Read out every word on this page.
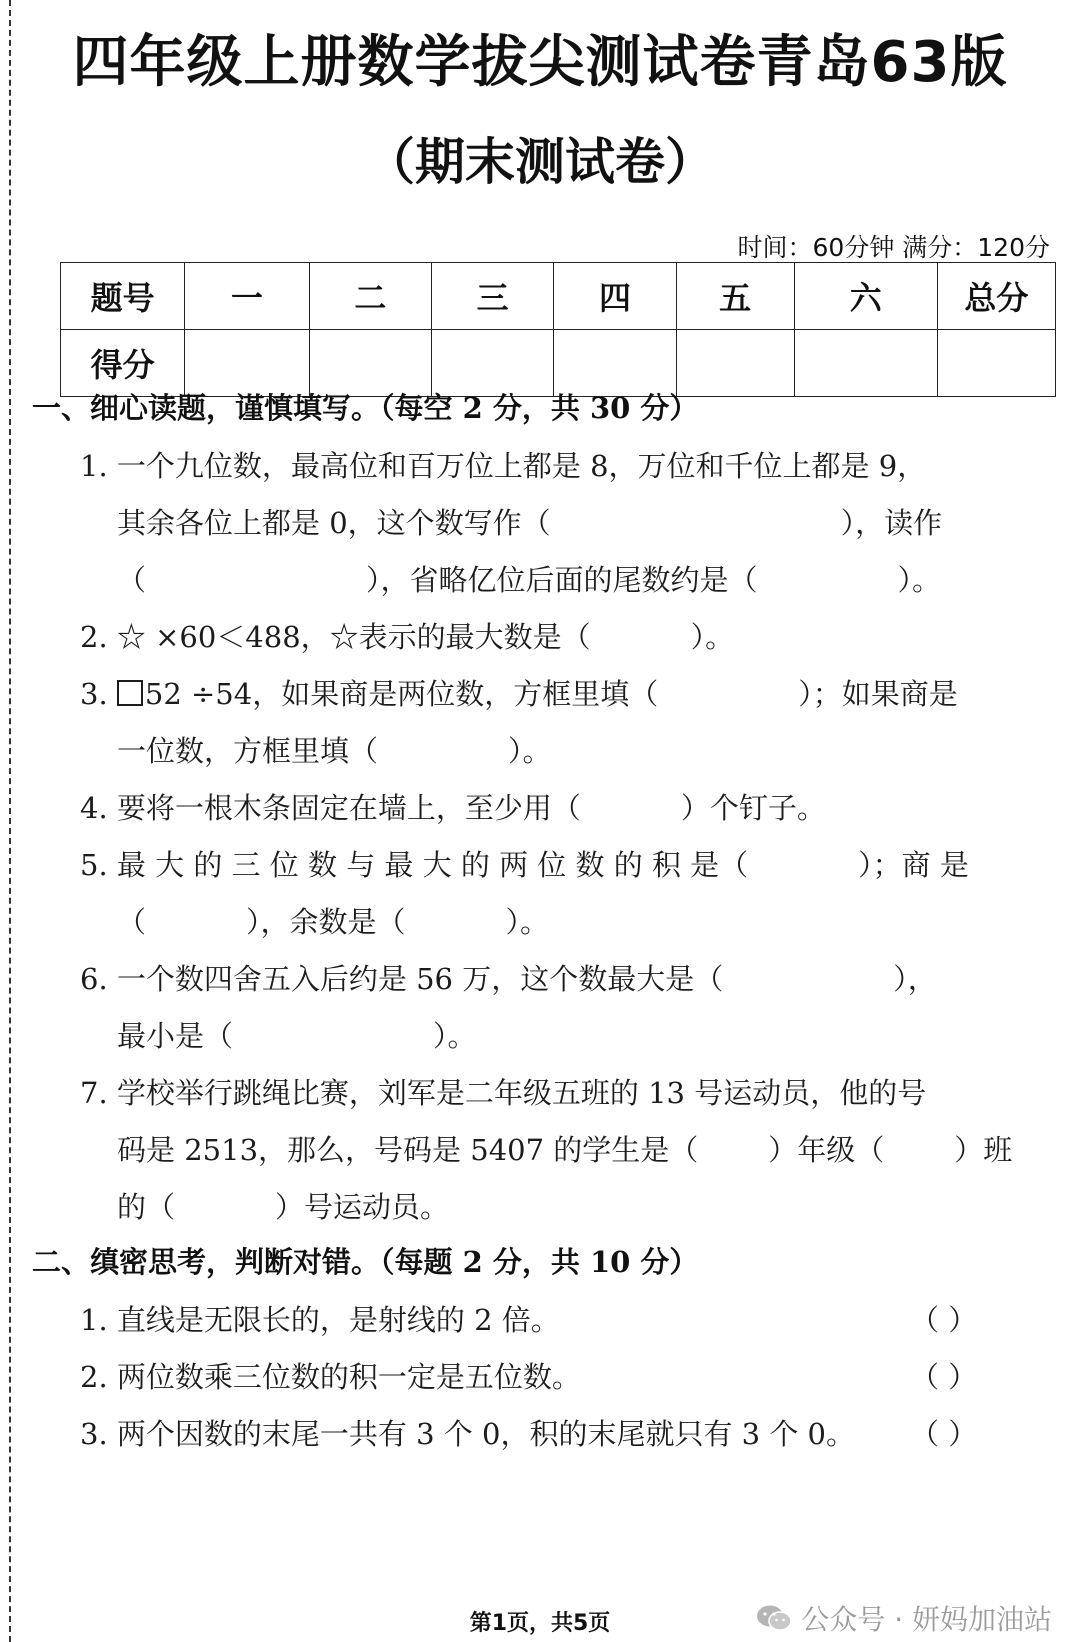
四年级上册数学拔尖测试卷青岛63版
（期末测试卷）
时间：60分钟 满分：120分
题号	一	二	三	四	五	六	总分
得分							
一、细心读题，谨慎填写。（每空 2 分，共 30 分）
1. 一个九位数，最高位和百万位上都是 8，万位和千位上都是 9，
其余各位上都是 0，这个数写作（	），读作
（	），省略亿位后面的尾数约是（	）。
2. ☆ ×60＜488，☆表示的最大数是（	）。
3. 52 ÷54，如果商是两位数，方框里填（	）；如果商是
一位数，方框里填（	）。
4. 要将一根木条固定在墙上，至少用（	）个钉子。
5. 最 大 的 三 位 数 与 最 大 的 两 位 数 的 积 是（	）；商 是
（	），余数是（	）。
6. 一个数四舍五入后约是 56 万，这个数最大是（	），
最小是（	）。
7. 学校举行跳绳比赛，刘军是二年级五班的 13 号运动员，他的号
码是 2513，那么，号码是 5407 的学生是（ ）年级（ ）班
的（	）号运动员。
二、缜密思考，判断对错。（每题 2 分，共 10 分）
1. 直线是无限长的，是射线的 2 倍。	（ ）
2. 两位数乘三位数的积一定是五位数。	（ ）
3. 两个因数的末尾一共有 3 个 0，积的末尾就只有 3 个 0。 （ ）
第1页，共5页	公众号 · 妍妈加油站
